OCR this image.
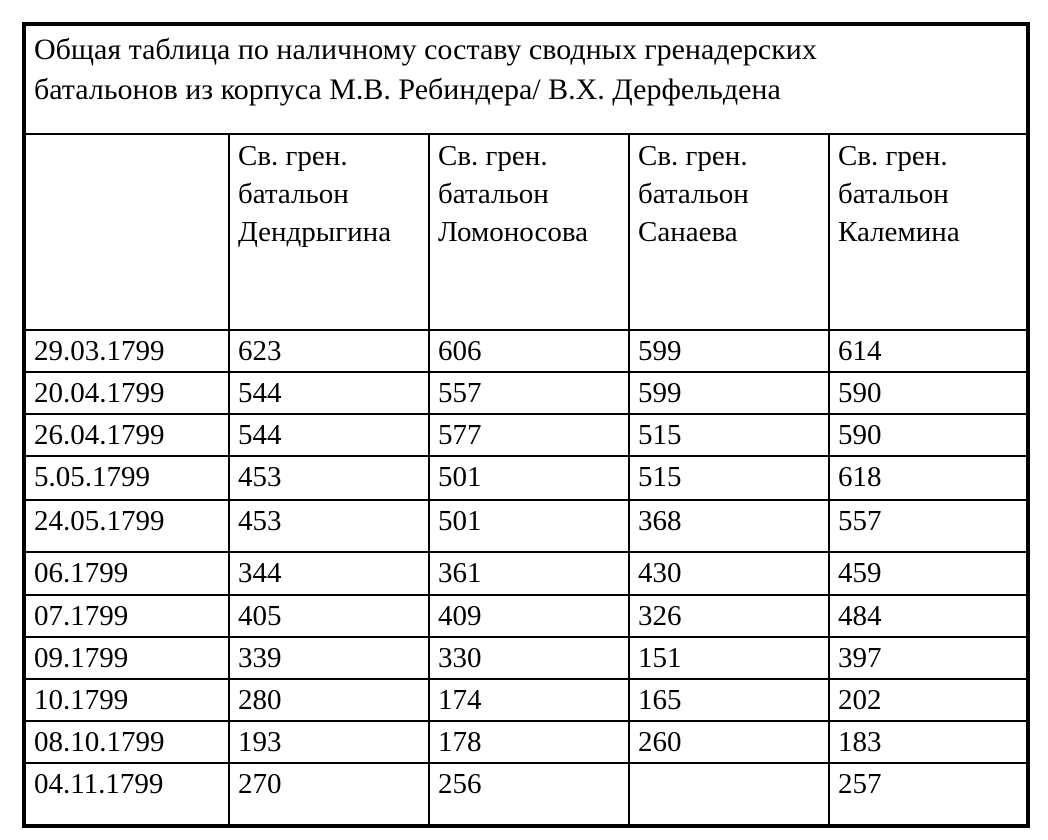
Общая таблица по наличному составу сводных гренадерских
батальонов из корпуса М.В. Ребиндера/ В.Х. Дерфельдена				

	Св. грен. батальон Дендрыгина	Св. грен. батальон Ломоносова	Св. грен. батальон Санаева	Св. грен. батальон Калемина
29.03.1799	623	606	599	614
20.04.1799	544	557	599	590
26.04.1799	544	577	515	590
5.05.1799	453	501	515	618
24.05.1799	453	501	368	557
06.1799	344	361	430	459
07.1799	405	409	326	484
09.1799	339	330	151	397
10.1799	280	174	165	202
08.10.1799	193	178	260	183
04.11.1799	270	256		257
